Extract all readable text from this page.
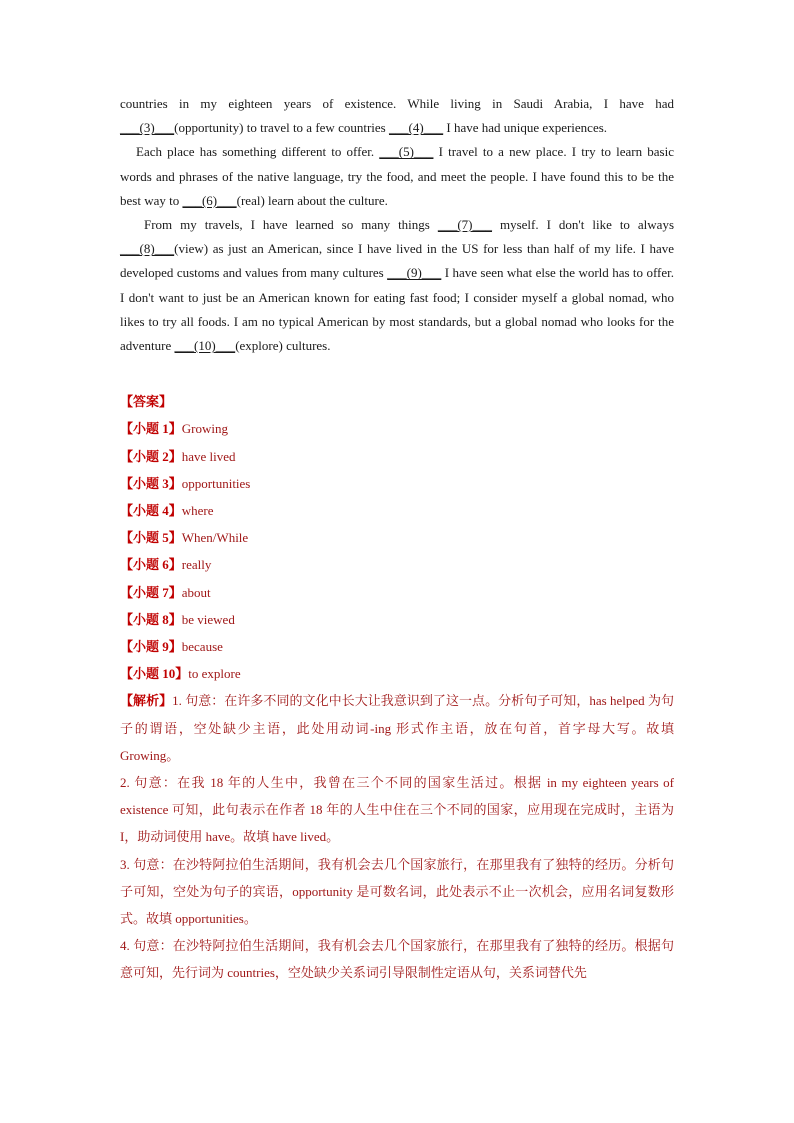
countries in my eighteen years of existence. While living in Saudi Arabia, I have had ___(3)___(opportunity) to travel to a few countries ___(4)___ I have had unique experiences.

Each place has something different to offer. ___(5)___ I travel to a new place. I try to learn basic words and phrases of the native language, try the food, and meet the people. I have found this to be the best way to ___(6)___(real) learn about the culture.

From my travels, I have learned so many things ___(7)___ myself. I don't like to always ___(8)___(view) as just an American, since I have lived in the US for less than half of my life. I have developed customs and values from many cultures ___(9)___ I have seen what else the world has to offer. I don't want to just be an American known for eating fast food; I consider myself a global nomad, who likes to try all foods. I am no typical American by most standards, but a global nomad who looks for the adventure ___(10)___(explore) cultures.

【答案】
【小题 1】Growing
【小题 2】have lived
【小题 3】opportunities
【小题 4】where
【小题 5】When/While
【小题 6】really
【小题 7】about
【小题 8】be viewed
【小题 9】because
【小题 10】to explore

【解析】1. 句意：在许多不同的文化中长大让我意识到了这一点。分析句子可知，has helped 为句子的谓语，空处缺少主语，此处用动词-ing 形式作主语，放在句首，首字母大写。故填 Growing。

2. 句意：在我 18 年的人生中，我曾在三个不同的国家生活过。根据 in my eighteen years of existence 可知，此句表示在作者 18 年的人生中住在三个不同的国家，应用现在完成时，主语为 I，助动词使用 have。故填 have lived。

3. 句意：在沙特阿拉伯生活期间，我有机会去几个国家旅行，在那里我有了独特的经历。分析句子可知，空处为句子的宾语，opportunity 是可数名词，此处表示不止一次机会，应用名词复数形式。故填 opportunities。

4. 句意：在沙特阿拉伯生活期间，我有机会去几个国家旅行，在那里我有了独特的经历。根据句意可知，先行词为 countries，空处缺少关系词引导限制性定语从句，关系词替代先
